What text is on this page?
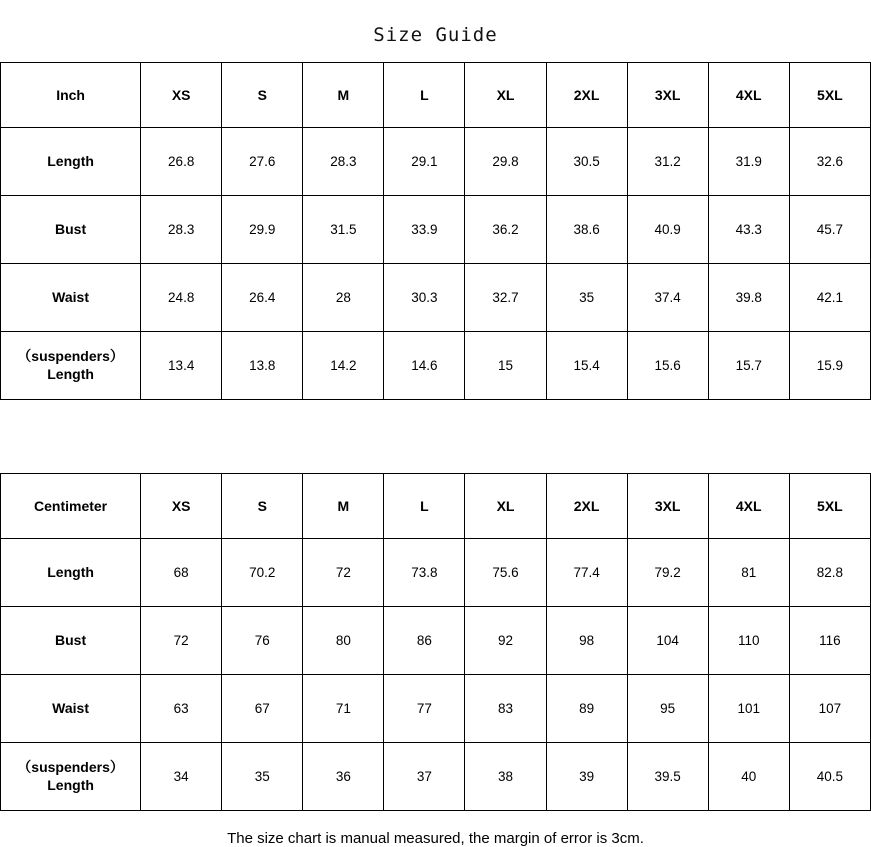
Size Guide
Inch	XS	S	M	L	XL	2XL	3XL	4XL	5XL
Length	26.8	27.6	28.3	29.1	29.8	30.5	31.2	31.9	32.6
Bust	28.3	29.9	31.5	33.9	36.2	38.6	40.9	43.3	45.7
Waist	24.8	26.4	28	30.3	32.7	35	37.4	39.8	42.1

（suspenders）
Length	13.4	13.8	14.2	14.6	15	15.4	15.6	15.7	15.9
Centimeter	XS	S	M	L	XL	2XL	3XL	4XL	5XL
Length	68	70.2	72	73.8	75.6	77.4	79.2	81	82.8
Bust	72	76	80	86	92	98	104	110	116
Waist	63	67	71	77	83	89	95	101	107

（suspenders）
Length	34	35	36	37	38	39	39.5	40	40.5
The size chart is manual measured, the margin of error is 3cm.
